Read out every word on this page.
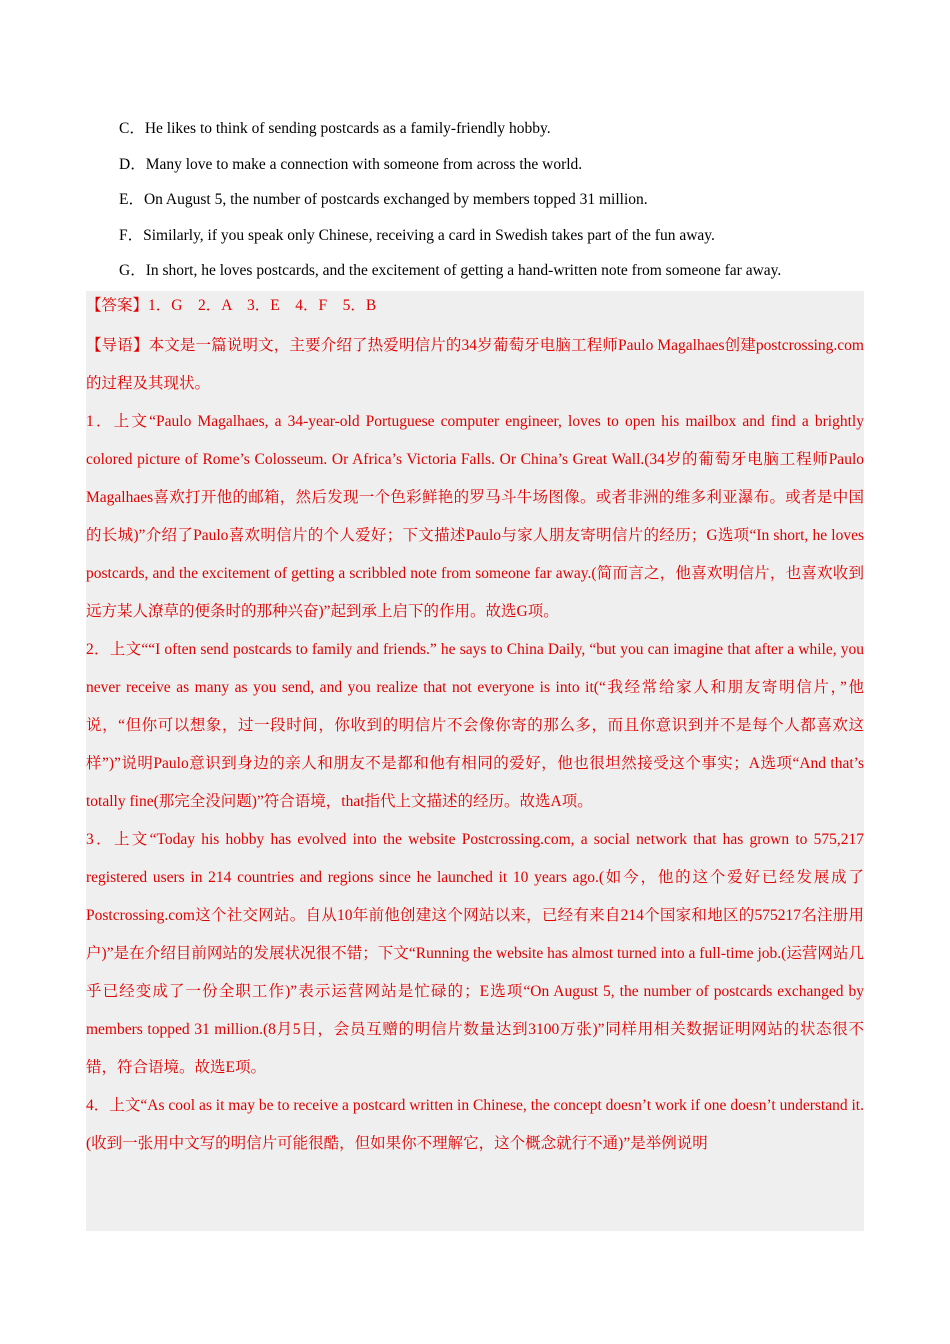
C．He likes to think of sending postcards as a family-friendly hobby.
D．Many love to make a connection with someone from across the world.
E．On August 5, the number of postcards exchanged by members topped 31 million.
F．Similarly, if you speak only Chinese, receiving a card in Swedish takes part of the fun away.
G．In short, he loves postcards, and the excitement of getting a hand-written note from someone far away.

【答案】1．G　2．A　3．E　4．F　5．B

【导语】本文是一篇说明文，主要介绍了热爱明信片的34岁葡萄牙电脑工程师Paulo Magalhaes创建postcrossing.com的过程及其现状。

1．上文“Paulo Magalhaes, a 34-year-old Portuguese computer engineer, loves to open his mailbox and find a brightly colored picture of Rome’s Colosseum. Or Africa’s Victoria Falls. Or China’s Great Wall.(34岁的葡萄牙电脑工程师Paulo Magalhaes喜欢打开他的邮箱，然后发现一个色彩鲜艳的罗马斗牛场图像。或者非洲的维多利亚瀑布。或者是中国的长城)”介绍了Paulo喜欢明信片的个人爱好；下文描述Paulo与家人朋友寄明信片的经历；G选项“In short, he loves postcards, and the excitement of getting a scribbled note from someone far away.(简而言之，他喜欢明信片，也喜欢收到远方某人潦草的便条时的那种兴奋)”起到承上启下的作用。故选G项。

2．上文““I often send postcards to family and friends.” he says to China Daily, “but you can imagine that after a while, you never receive as many as you send, and you realize that not everyone is into it(“我经常给家人和朋友寄明信片，”他说，“但你可以想象，过一段时间，你收到的明信片不会像你寄的那么多，而且你意识到并不是每个人都喜欢这样”)”说明Paulo意识到身边的亲人和朋友不是都和他有相同的爱好，他也很坦然接受这个事实；A选项“And that’s totally fine(那完全没问题)”符合语境，that指代上文描述的经历。故选A项。

3．上文“Today his hobby has evolved into the website Postcrossing.com, a social network that has grown to 575,217 registered users in 214 countries and regions since he launched it 10 years ago.(如今，他的这个爱好已经发展成了Postcrossing.com这个社交网站。自从10年前他创建这个网站以来，已经有来自214个国家和地区的575217名注册用户)”是在介绍目前网站的发展状况很不错；下文“Running the website has almost turned into a full-time job.(运营网站几乎已经变成了一份全职工作)”表示运营网站是忙碌的；E选项“On August 5, the number of postcards exchanged by members topped 31 million.(8月5日，会员互赠的明信片数量达到3100万张)”同样用相关数据证明网站的状态很不错，符合语境。故选E项。

4．上文“As cool as it may be to receive a postcard written in Chinese, the concept doesn’t work if one doesn’t understand it.(收到一张用中文写的明信片可能很酷，但如果你不理解它，这个概念就行不通)”是举例说明
